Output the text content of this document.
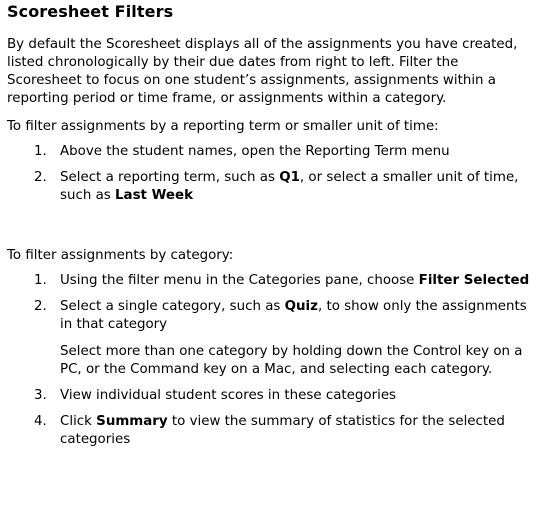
Scoresheet Filters

By default the Scoresheet displays all of the assignments you have created, listed chronologically by their due dates from right to left. Filter the Scoresheet to focus on one student’s assignments, assignments within a reporting period or time frame, or assignments within a category.

To filter assignments by a reporting term or smaller unit of time:

1. Above the student names, open the Reporting Term menu
2. Select a reporting term, such as Q1, or select a smaller unit of time, such as Last Week

To filter assignments by category:

1. Using the filter menu in the Categories pane, choose Filter Selected
2. Select a single category, such as Quiz, to show only the assignments in that category
Select more than one category by holding down the Control key on a PC, or the Command key on a Mac, and selecting each category.
3. View individual student scores in these categories
4. Click Summary to view the summary of statistics for the selected categories
